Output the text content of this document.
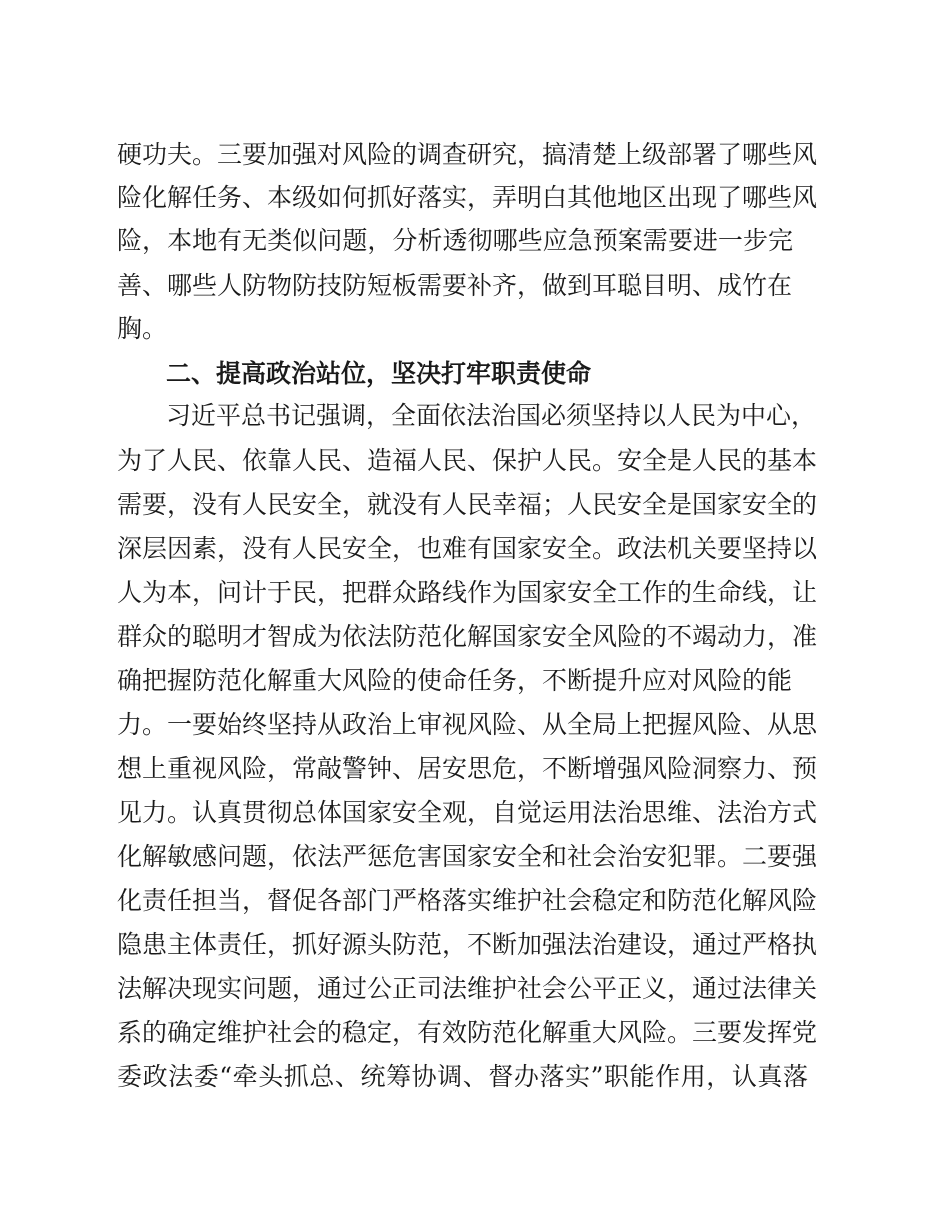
硬功夫。三要加强对风险的调查研究，搞清楚上级部署了哪些风
险化解任务、本级如何抓好落实，弄明白其他地区出现了哪些风
险，本地有无类似问题，分析透彻哪些应急预案需要进一步完
善、哪些人防物防技防短板需要补齐，做到耳聪目明、成竹在
胸。
二、提高政治站位，坚决打牢职责使命
习近平总书记强调，全面依法治国必须坚持以人民为中心，
为了人民、依靠人民、造福人民、保护人民。安全是人民的基本
需要，没有人民安全，就没有人民幸福；人民安全是国家安全的
深层因素，没有人民安全，也难有国家安全。政法机关要坚持以
人为本，问计于民，把群众路线作为国家安全工作的生命线，让
群众的聪明才智成为依法防范化解国家安全风险的不竭动力，准
确把握防范化解重大风险的使命任务，不断提升应对风险的能
力。一要始终坚持从政治上审视风险、从全局上把握风险、从思
想上重视风险，常敲警钟、居安思危，不断增强风险洞察力、预
见力。认真贯彻总体国家安全观，自觉运用法治思维、法治方式
化解敏感问题，依法严惩危害国家安全和社会治安犯罪。二要强
化责任担当，督促各部门严格落实维护社会稳定和防范化解风险
隐患主体责任，抓好源头防范，不断加强法治建设，通过严格执
法解决现实问题，通过公正司法维护社会公平正义，通过法律关
系的确定维护社会的稳定，有效防范化解重大风险。三要发挥党
委政法委“牵头抓总、统筹协调、督办落实”职能作用，认真落
